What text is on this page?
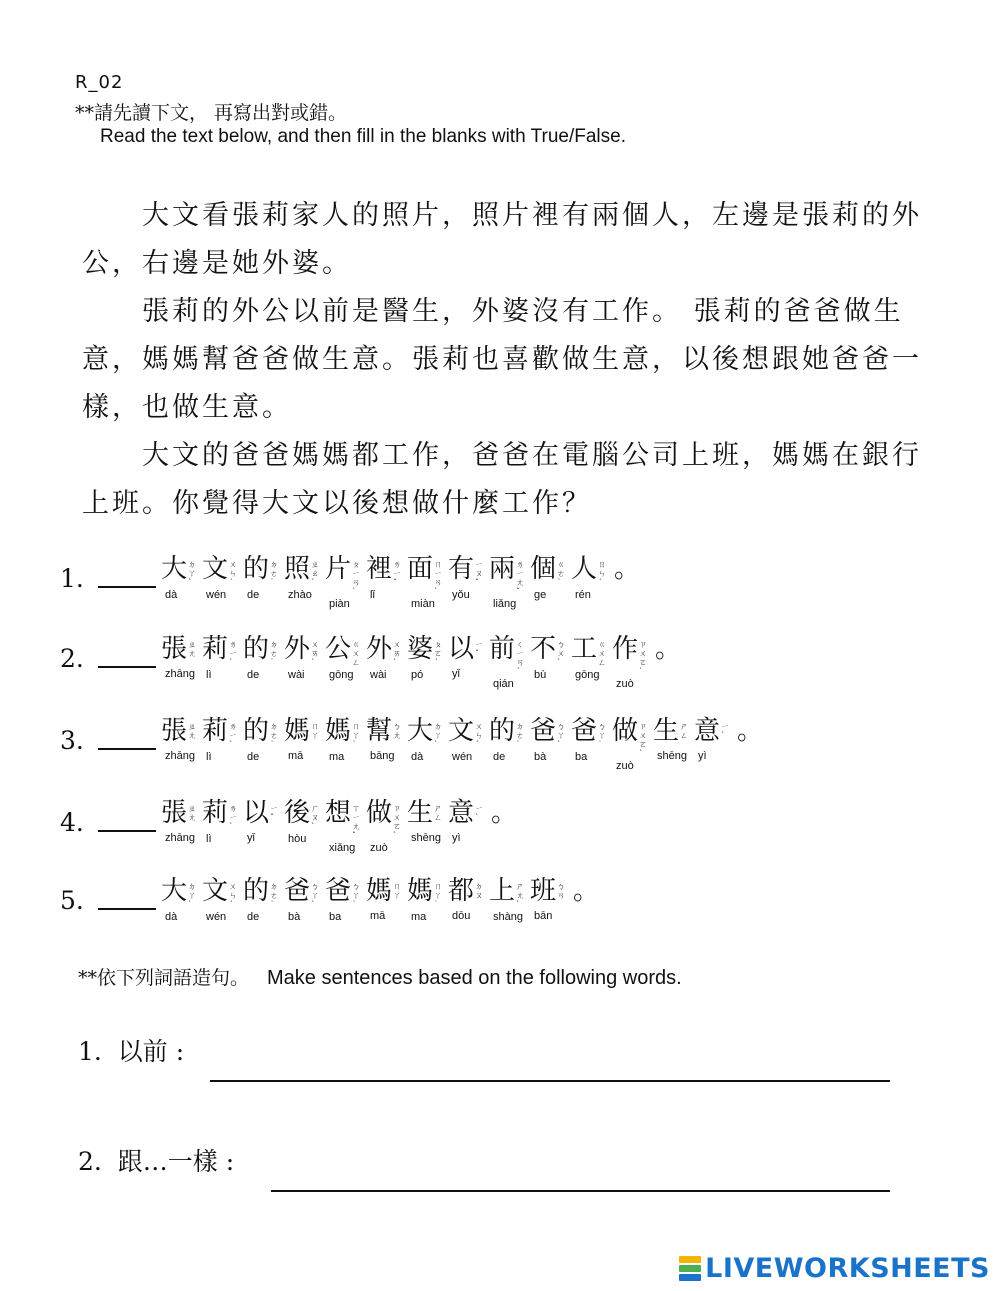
R_02
**請先讀下文， 再寫出對或錯。
Read the text below, and then fill in the blanks with True/False.
大文看張莉家人的照片，照片裡有兩個人，左邊是張莉的外公，右邊是她外婆。
張莉的外公以前是醫生，外婆沒有工作。 張莉的爸爸做生意，媽媽幫爸爸做生意。張莉也喜歡做生意，以後想跟她爸爸一樣，也做生意。
大文的爸爸媽媽都工作，爸爸在電腦公司上班，媽媽在銀行上班。你覺得大文以後想做什麼工作？
1.	大 ㄉㄚˋ
dà
文 ㄨㄣˊ
wén
的 ㄉㄜ˙
de
照 ㄓㄠˋ
zhào
片 ㄆㄧㄢˋ
piàn
裡 ㄌㄧˇ
lǐ
面 ㄇㄧㄢˋ
miàn
有 ㄧㄡˇ
yǒu
兩 ㄌㄧㄤˇ
liǎng
個 ㄍㄜ˙
ge
人 ㄖㄣˊ
rén
。
2.	張 ㄓㄤ
zhāng
莉 ㄌㄧˋ
lì
的 ㄉㄜ˙
de
外 ㄨㄞˋ
wài
公 ㄍㄨㄥ
gōng
外 ㄨㄞˋ
wài
婆 ㄆㄛˊ
pó
以 ㄧˇ
yǐ
前 ㄑㄧㄢˊ
qián
不 ㄅㄨˋ
bù
工 ㄍㄨㄥ
gōng
作 ㄗㄨㄛˋ
zuò
。
3.	張 ㄓㄤ
zhāng
莉 ㄌㄧˋ
lì
的 ㄉㄜ˙
de
媽 ㄇㄚ
mā
媽 ㄇㄚ˙
ma
幫 ㄅㄤ
bāng
大 ㄉㄚˋ
dà
文 ㄨㄣˊ
wén
的 ㄉㄜ˙
de
爸 ㄅㄚˋ
bà
爸 ㄅㄚ˙
ba
做 ㄗㄨㄛˋ
zuò
生 ㄕㄥ
shēng
意 ㄧˋ
yì
。
4.	張 ㄓㄤ
zhāng
莉 ㄌㄧˋ
lì
以 ㄧˇ
yǐ
後 ㄏㄡˋ
hòu
想 ㄒㄧㄤˇ
xiǎng
做 ㄗㄨㄛˋ
zuò
生 ㄕㄥ
shēng
意 ㄧˋ
yì
。
5.	大 ㄉㄚˋ
dà
文 ㄨㄣˊ
wén
的 ㄉㄜ˙
de
爸 ㄅㄚˋ
bà
爸 ㄅㄚ˙
ba
媽 ㄇㄚ
mā
媽 ㄇㄚ˙
ma
都 ㄉㄡ
dōu
上 ㄕㄤˋ
shàng
班 ㄅㄢ
bān
。
**依下列詞語造句。 Make sentences based on the following words.
1. 以前 :
2. 跟…一樣 :
LIVEWORKSHEETS
